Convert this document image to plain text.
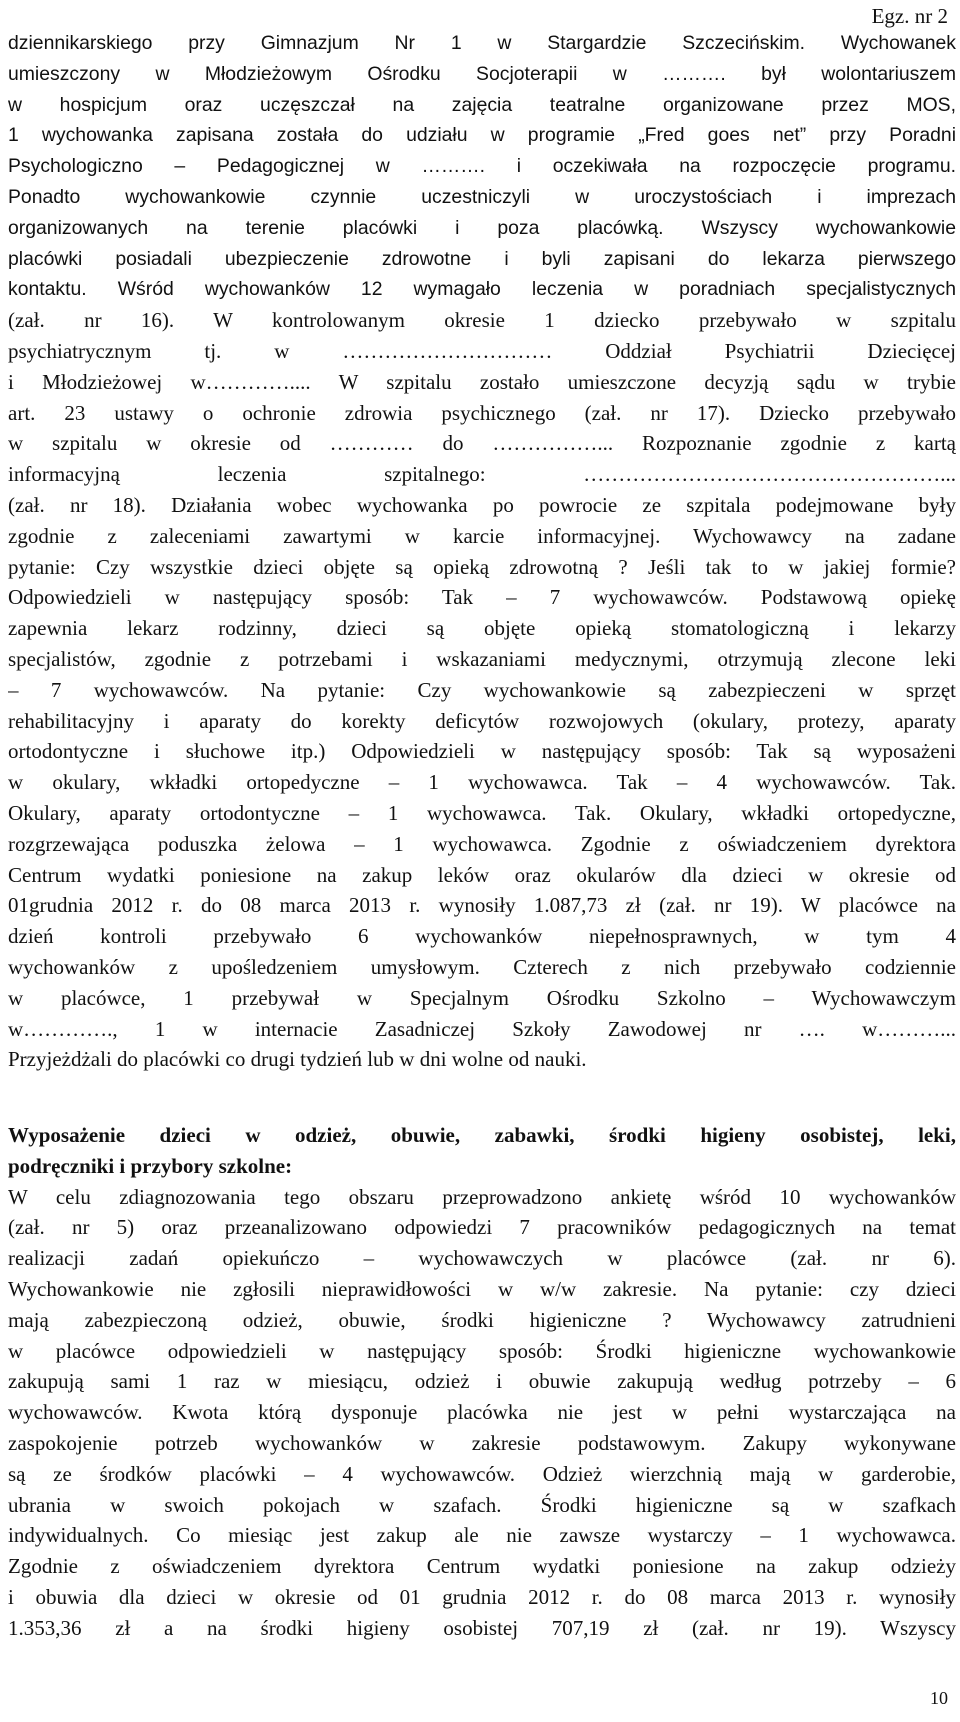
Egz. nr 2
dziennikarskiego przy Gimnazjum Nr 1 w Stargardzie Szczecińskim. Wychowanek
umieszczony w Młodzieżowym Ośrodku Socjoterapii w ………. był wolontariuszem
w hospicjum oraz uczęszczał na zajęcia teatralne organizowane przez MOS,
1 wychowanka zapisana została do udziału w programie „Fred goes net” przy Poradni
Psychologiczno – Pedagogicznej w ………. i oczekiwała na rozpoczęcie programu.
Ponadto wychowankowie czynnie uczestniczyli w uroczystościach i imprezach
organizowanych na terenie placówki i poza placówką. Wszyscy wychowankowie
placówki posiadali ubezpieczenie zdrowotne i byli zapisani do lekarza pierwszego
kontaktu. Wśród wychowanków 12 wymagało leczenia w poradniach specjalistycznych
(zał. nr 16). W kontrolowanym okresie 1 dziecko przebywało w szpitalu
psychiatrycznym tj. w ………………………… Oddział Psychiatrii Dziecięcej
i Młodzieżowej w………….... W szpitalu zostało umieszczone decyzją sądu w trybie
art. 23 ustawy o ochronie zdrowia psychicznego (zał. nr 17). Dziecko przebywało
w szpitalu w okresie od ………… do ……………... Rozpoznanie zgodnie z kartą
informacyjną leczenia szpitalnego: ……………………………………………...
(zał. nr 18). Działania wobec wychowanka po powrocie ze szpitala podejmowane były
zgodnie z zaleceniami zawartymi w karcie informacyjnej. Wychowawcy na zadane
pytanie: Czy wszystkie dzieci objęte są opieką zdrowotną ? Jeśli tak to w jakiej formie?
Odpowiedzieli w następujący sposób: Tak – 7 wychowawców. Podstawową opiekę
zapewnia lekarz rodzinny, dzieci są objęte opieką stomatologiczną i lekarzy
specjalistów, zgodnie z potrzebami i wskazaniami medycznymi, otrzymują zlecone leki
– 7 wychowawców. Na pytanie: Czy wychowankowie są zabezpieczeni w sprzęt
rehabilitacyjny i aparaty do korekty deficytów rozwojowych (okulary, protezy, aparaty
ortodontyczne i słuchowe itp.) Odpowiedzieli w następujący sposób: Tak są wyposażeni
w okulary, wkładki ortopedyczne – 1 wychowawca. Tak – 4 wychowawców. Tak.
Okulary, aparaty ortodontyczne – 1 wychowawca. Tak. Okulary, wkładki ortopedyczne,
rozgrzewająca poduszka żelowa – 1 wychowawca. Zgodnie z oświadczeniem dyrektora
Centrum wydatki poniesione na zakup leków oraz okularów dla dzieci w okresie od
01grudnia 2012 r. do 08 marca 2013 r. wynosiły 1.087,73 zł (zał. nr 19). W placówce na
dzień kontroli przebywało 6 wychowanków niepełnosprawnych, w tym 4
wychowanków z upośledzeniem umysłowym. Czterech z nich przebywało codziennie
w placówce, 1 przebywał w Specjalnym Ośrodku Szkolno – Wychowawczym
w…………., 1 w internacie Zasadniczej Szkoły Zawodowej nr …. w………...
Przyjeżdżali do placówki co drugi tydzień lub w dni wolne od nauki.
Wyposażenie dzieci w odzież, obuwie, zabawki, środki higieny osobistej, leki,
podręczniki i przybory szkolne:
W celu zdiagnozowania tego obszaru przeprowadzono ankietę wśród 10 wychowanków
(zał. nr 5) oraz przeanalizowano odpowiedzi 7 pracowników pedagogicznych na temat
realizacji zadań opiekuńczo – wychowawczych w placówce (zał. nr 6).
Wychowankowie nie zgłosili nieprawidłowości w w/w zakresie. Na pytanie: czy dzieci
mają zabezpieczoną odzież, obuwie, środki higieniczne ? Wychowawcy zatrudnieni
w placówce odpowiedzieli w następujący sposób: Środki higieniczne wychowankowie
zakupują sami 1 raz w miesiącu, odzież i obuwie zakupują według potrzeby – 6
wychowawców. Kwota którą dysponuje placówka nie jest w pełni wystarczająca na
zaspokojenie potrzeb wychowanków w zakresie podstawowym. Zakupy wykonywane
są ze środków placówki – 4 wychowawców. Odzież wierzchnią mają w garderobie,
ubrania w swoich pokojach w szafach. Środki higieniczne są w szafkach
indywidualnych. Co miesiąc jest zakup ale nie zawsze wystarczy – 1 wychowawca.
Zgodnie z oświadczeniem dyrektora Centrum wydatki poniesione na zakup odzieży
i obuwia dla dzieci w okresie od 01 grudnia 2012 r. do 08 marca 2013 r. wynosiły
1.353,36 zł a na środki higieny osobistej 707,19 zł (zał. nr 19). Wszyscy
10
